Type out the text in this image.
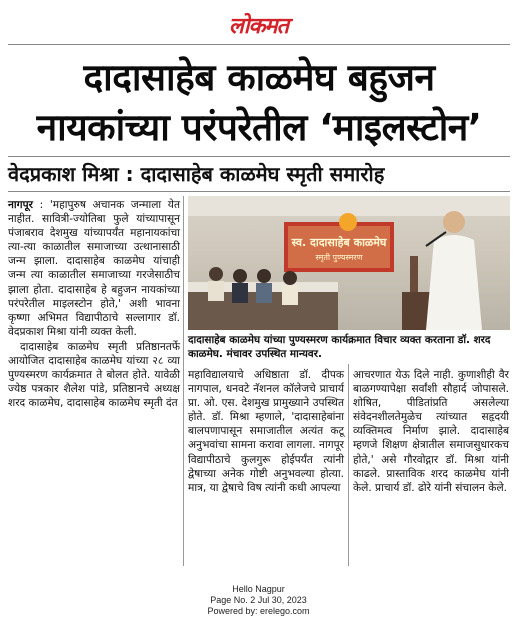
लोकमत
दादासाहेब काळमेघ बहुजन
नायकांच्या परंपरेतील ‘माइलस्टोन’
वेदप्रकाश मिश्रा : दादासाहेब काळमेघ स्मृती समारोह

नागपूर : 'महापुरुष अचानक जन्माला येत नाहीत. सावित्री-ज्योतिबा फुले यांच्यापासून पंजाबराव देशमुख यांच्यापर्यंत महानायकांचा त्या-त्या काळातील समाजाच्या उत्थानासाठी जन्म झाला. दादासाहेब काळमेघ यांचाही जन्म त्या काळातील समाजाच्या गरजेसाठीच झाला होता. दादासाहेब हे बहुजन नायकांच्या परंपरेतील माइलस्टोन होते,' अशी भावना कृष्णा अभिमत विद्यापीठाचे सल्लागार डॉ. वेदप्रकाश मिश्रा यांनी व्यक्त केली.

दादासाहेब काळमेघ स्मृती प्रतिष्ठानतर्फे आयोजित दादासाहेब काळमेघ यांच्या २८ व्या पुण्यस्मरण कार्यक्रमात ते बोलत होते. यावेळी ज्येष्ठ पत्रकार शैलेश पांडे, प्रतिष्ठानचे अध्यक्ष शरद काळमेघ, दादासाहेब काळमेघ स्मृती दंत

स्व. दादासाहेब काळमेघ
स्मृती पुण्यस्मरण
दादासाहेब काळमेघ यांच्या पुण्यस्मरण कार्यक्रमात विचार व्यक्त करताना डॉ. शरद काळमेघ. मंचावर उपस्थित मान्यवर.

महाविद्यालयाचे अधिष्ठाता डॉ. दीपक नागपाल, धनवटे नॅशनल कॉलेजचे प्राचार्य प्रा. ओ. एस. देशमुख प्रामुख्याने उपस्थित होते. डॉ. मिश्रा म्हणाले, 'दादासाहेबांना बालपणापासून समाजातील अत्यंत कटू अनुभवांचा सामना करावा लागला. नागपूर विद्यापीठाचे कुलगुरू होईपर्यंत त्यांनी द्वेषाच्या अनेक गोष्टी अनुभवल्या होत्या. मात्र, या द्वेषाचे विष त्यांनी कधी आपल्या

आचरणात येऊ दिले नाही. कुणाशीही वैर बाळगण्यापेक्षा सर्वांशी सौहार्द जोपासले. शोषित, पीडितांप्रति असलेल्या संवेदनशीलतेमुळेच त्यांच्यात सहृदयी व्यक्तिमत्व निर्माण झाले. दादासाहेब म्हणजे शिक्षण क्षेत्रातील समाजसुधारकच होते,' असे गौरवोद्गार डॉ. मिश्रा यांनी काढले. प्रास्ताविक शरद काळमेघ यांनी केले. प्राचार्य डॉ. ढोरे यांनी संचालन केले.

Hello Nagpur
Page No. 2 Jul 30, 2023
Powered by: erelego.com
